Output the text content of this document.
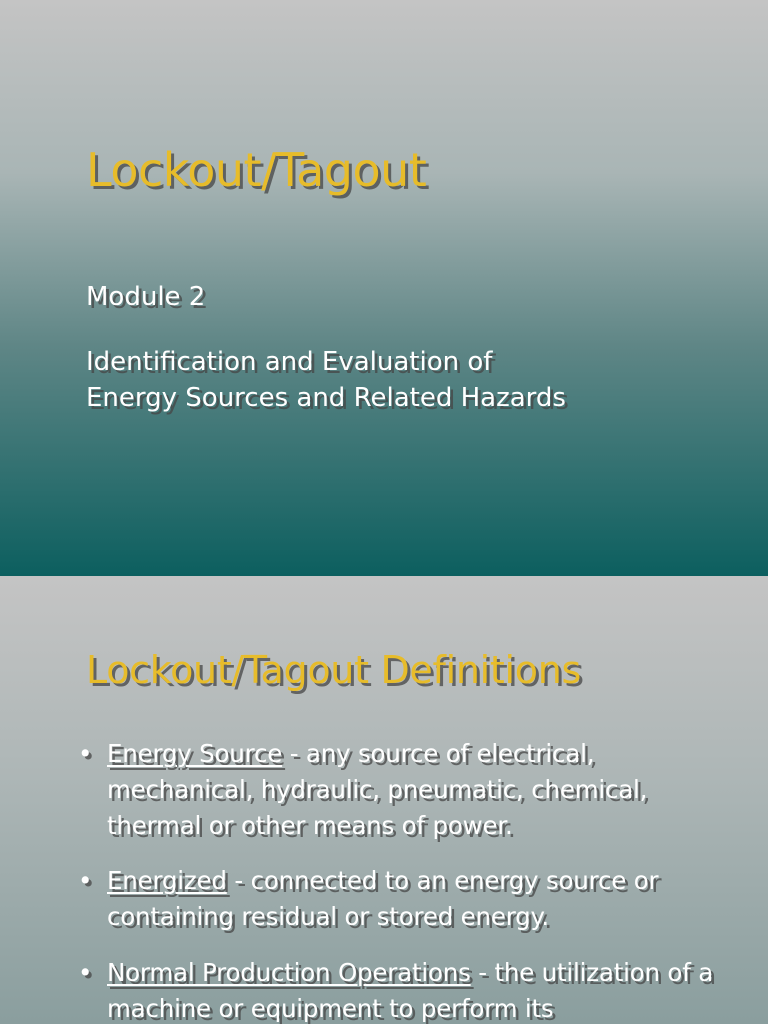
Lockout/Tagout

Module 2

Identification and Evaluation of
Energy Sources and Related Hazards

Lockout/Tagout Definitions
• Energy Source - any source of electrical, mechanical, hydraulic, pneumatic, chemical, thermal or other means of power.
• Energized - connected to an energy source or containing residual or stored energy.
• Normal Production Operations - the utilization of a machine or equipment to perform its
